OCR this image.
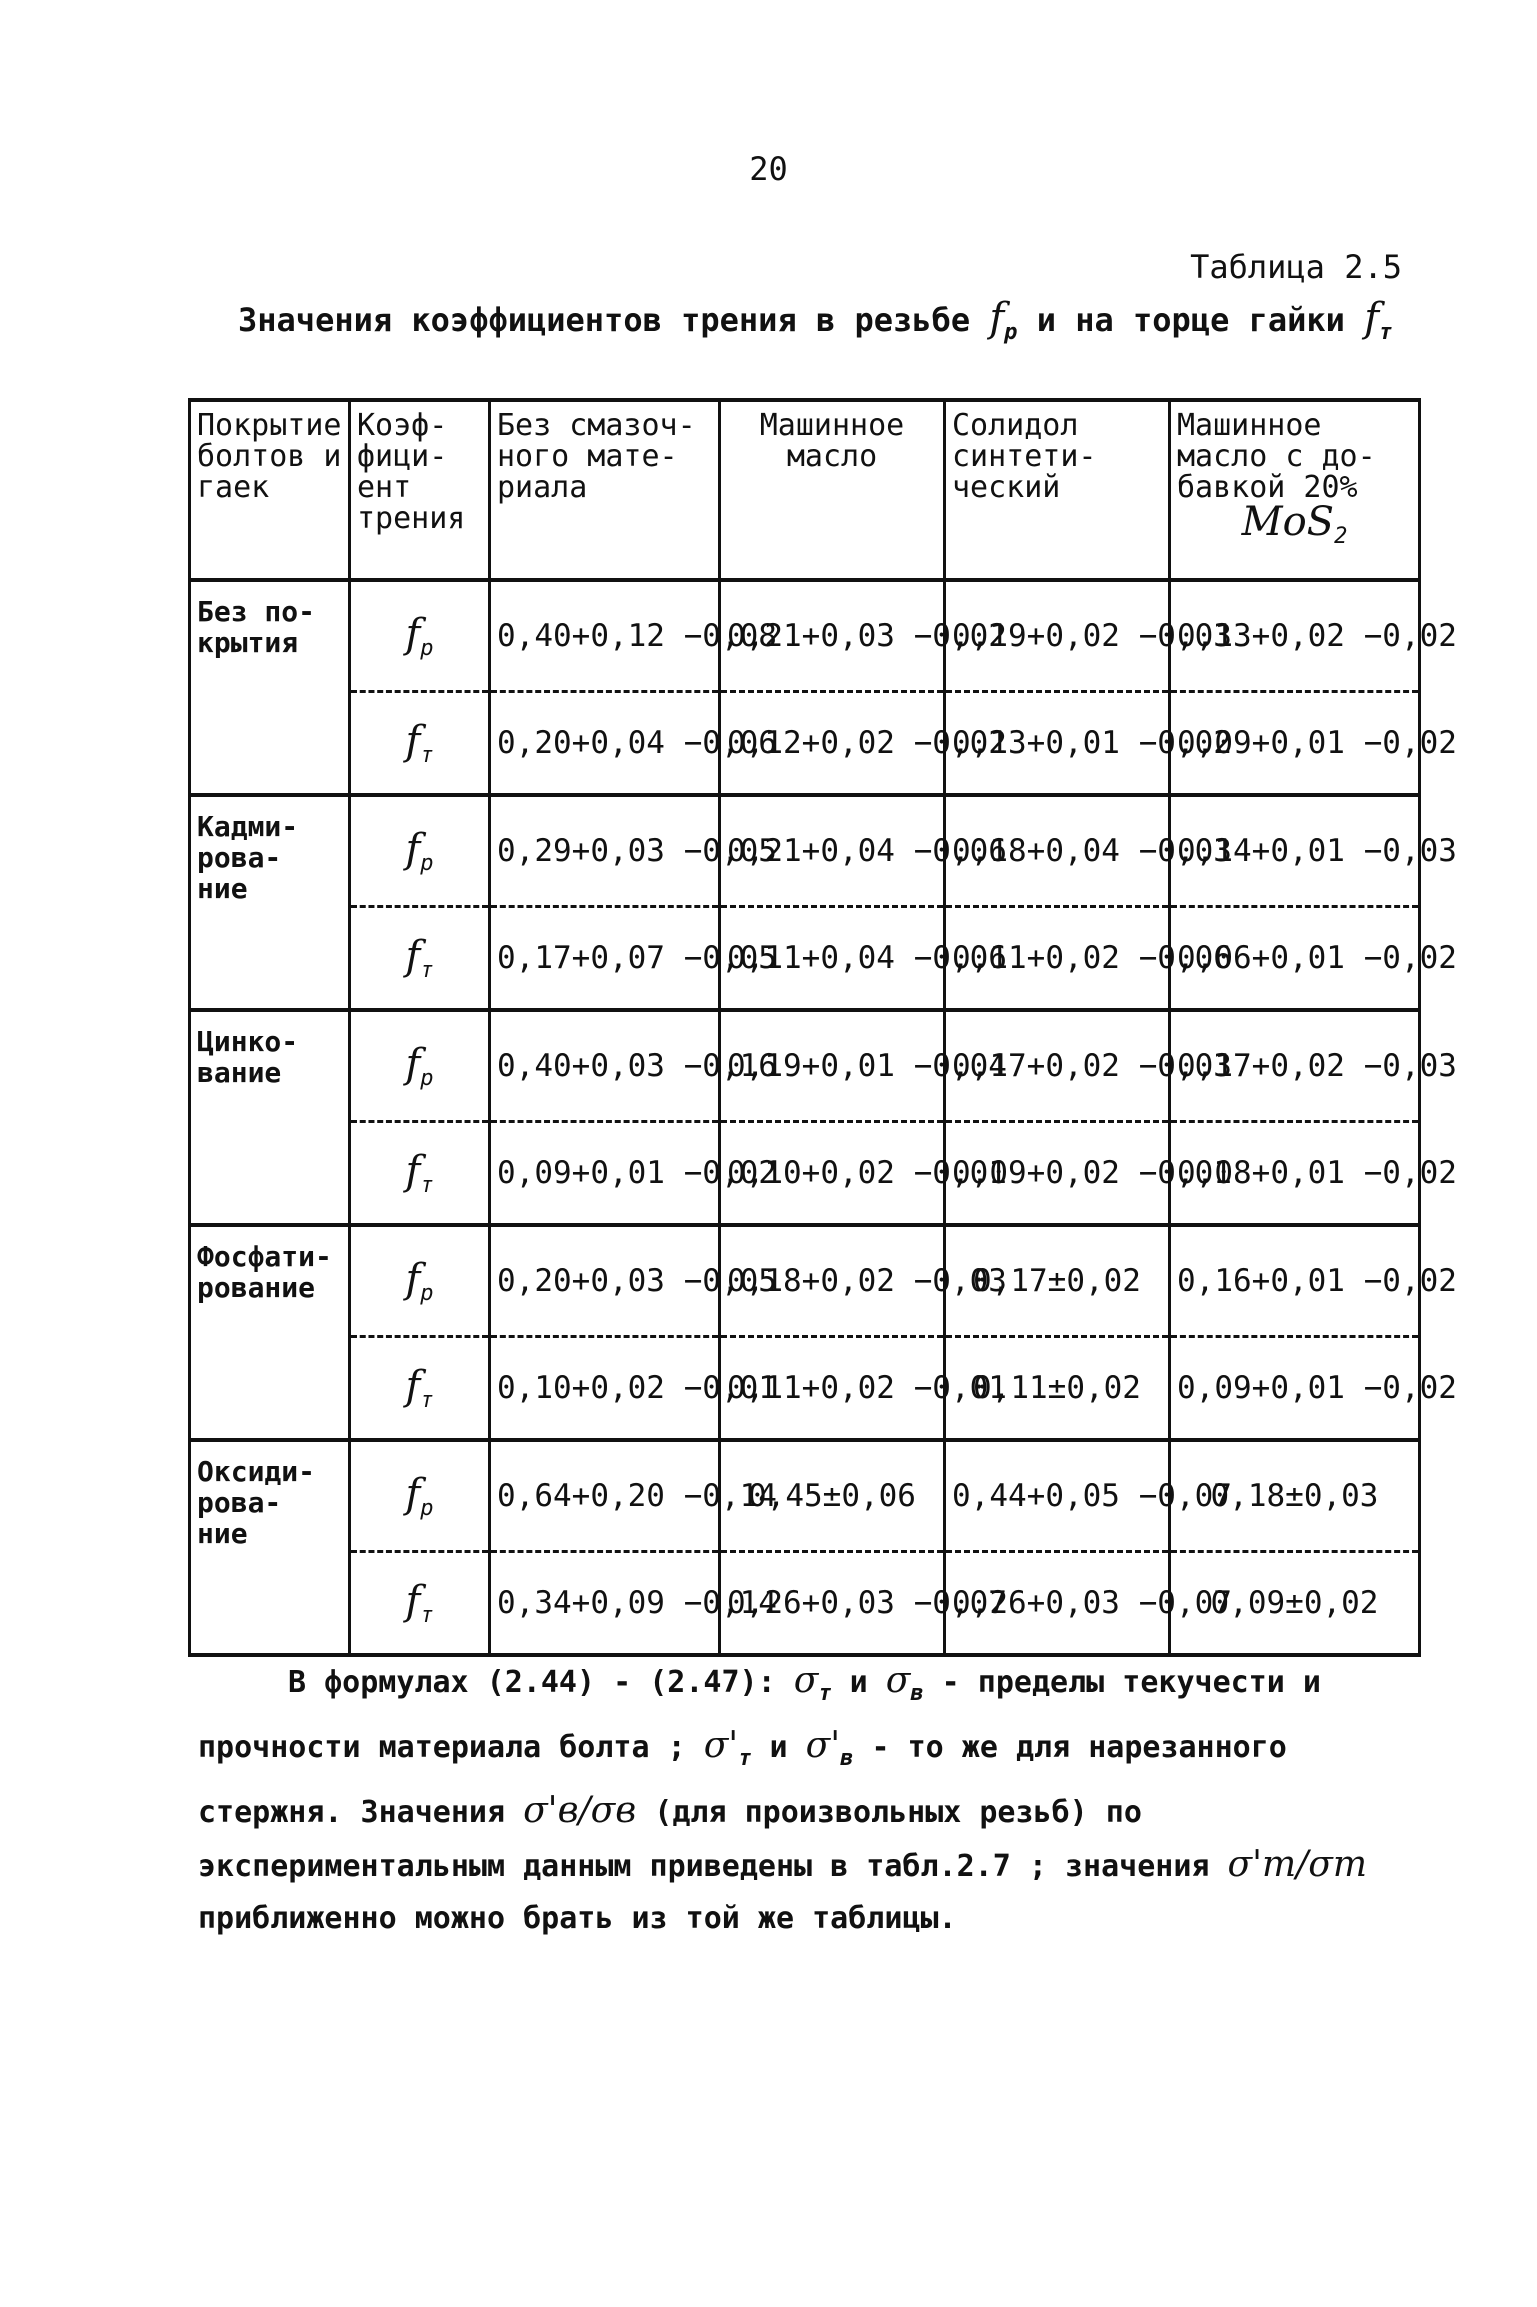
20
Таблица 2.5
Значения коэффициентов трения в резьбе $f_р$ и на торце гайки $f_т$
Покрытие болтов и гаек	Коэф- фици- ент трения	Без смазоч- ного мате- риала	Машинное масло	Солидол синтети- ческий	Машинное масло с до- бавкой 20%
MoS$_2$

Без по- крытия	$f_р$	0,40+0,12 −0,08	0,21+0,03 −0,02	0,19+0,02 −0,03	0,13+0,02 −0,02
	$f_т$	0,20+0,04 −0,06	0,12+0,02 −0,02	0,13+0,01 −0,02	0,09+0,01 −0,02
Кадми- рова- ние	$f_р$	0,29+0,03 −0,05	0,21+0,04 −0,06	0,18+0,04 −0,03	0,14+0,01 −0,03
	$f_т$	0,17+0,07 −0,05	0,11+0,04 −0,06	0,11+0,02 −0,06	0,06+0,01 −0,02
Цинко- вание	$f_р$	0,40+0,03 −0,16	0,19+0,01 −0,04	0,17+0,02 −0,03	0,17+0,02 −0,03
	$f_т$	0,09+0,01 −0,02	0,10+0,02 −0,01	0,09+0,02 −0,01	0,08+0,01 −0,02
Фосфати- рование	$f_р$	0,20+0,03 −0,05	0,18+0,02 −0,03	0,17±0,02	0,16+0,01 −0,02
	$f_т$	0,10+0,02 −0,01	0,11+0,02 −0,01	0,11±0,02	0,09+0,01 −0,02
Оксиди- рова- ние	$f_р$	0,64+0,20 −0,14	0,45±0,06	0,44+0,05 −0,07	0,18±0,03
	$f_т$	0,34+0,09 −0,14	0,26+0,03 −0,07	0,26+0,03 −0,07	0,09±0,02
В формулах (2.44) - (2.47): $\sigma_т$ и $\sigma_в$ - пределы текучести и прочности материала болта ; $\sigma'_т$ и $\sigma'_в$ - то же для нарезанного стержня. Значения σ'в/σв (для произвольных резьб) по экспериментальным данным приведены в табл.2.7 ; значения σ'т/σт приближенно можно брать из той же таблицы.
